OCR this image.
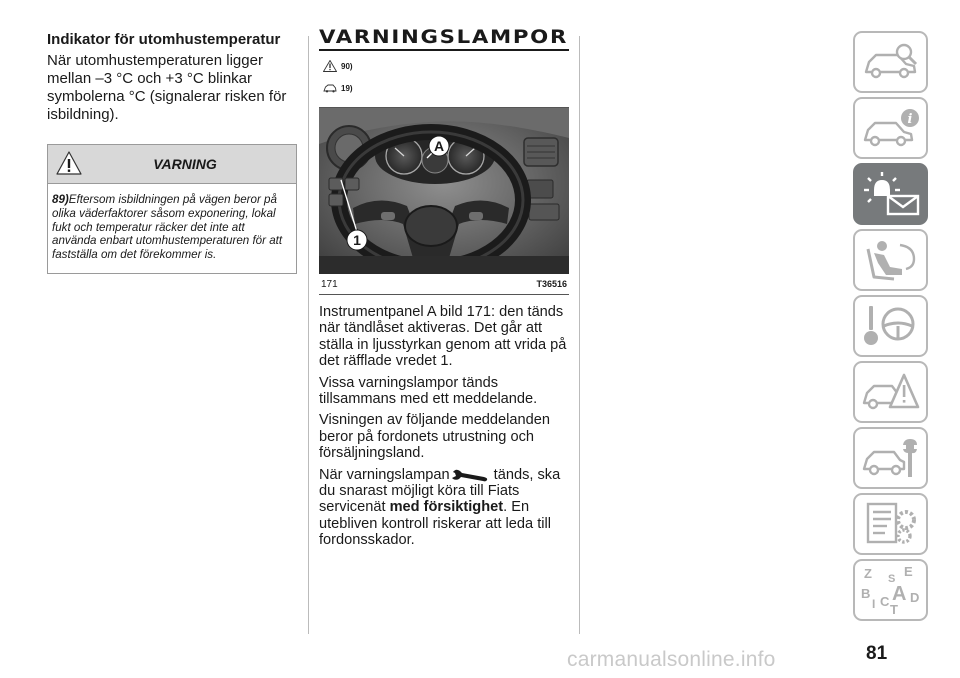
Indikator för utomhustemperatur
När utomhustemperaturen ligger mellan –3 °C och +3 °C blinkar symbolerna °C (signalerar risken för isbildning).
VARNING
89)Eftersom isbildningen på vägen beror på olika väderfaktorer såsom exponering, lokal fukt och temperatur räcker det inte att använda enbart utomhustemperaturen för att fastställa om det förekommer is.
VARNINGSLAMPOR
90)
19)
A
1
171	T36516
Instrumentpanel A bild 171: den tänds när tändlåset aktiveras. Det går att ställa in ljusstyrkan genom att vrida på det räfflade vredet 1.
Vissa varningslampor tänds tillsammans med ett meddelande.
Visningen av följande meddelanden beror på fordonets utrustning och försäljningsland.
När varningslampan	tänds, ska du snarast möjligt köra till Fiats servicenät med försiktighet. En utebliven kontroll riskerar att leda till fordonsskador.
i
Z E
S
B A
C D
I T
81
carmanualsonline.info
